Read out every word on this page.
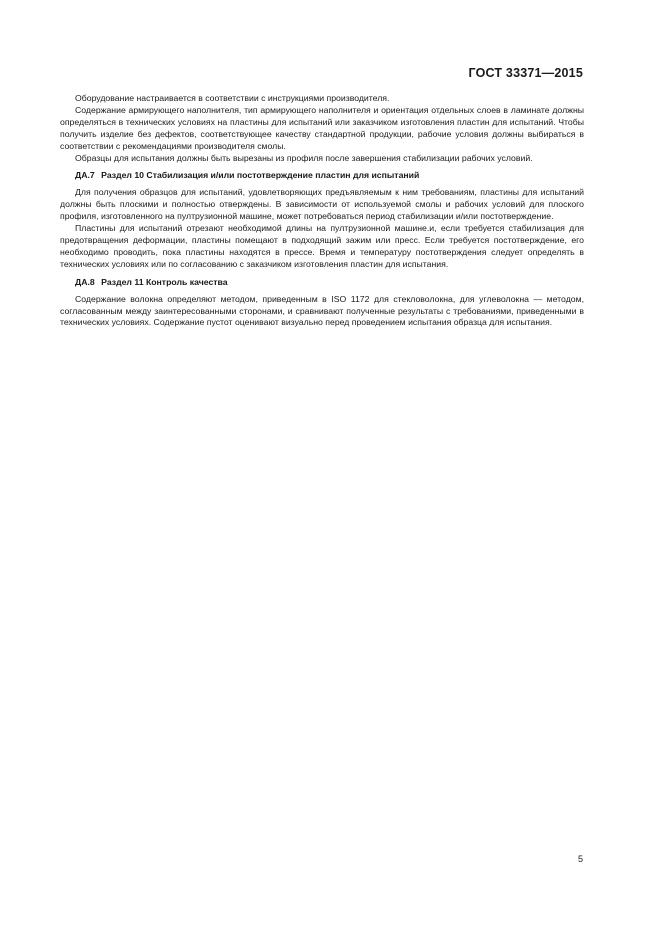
ГОСТ 33371—2015

Оборудование настраивается в соответствии с инструкциями производителя.

Содержание армирующего наполнителя, тип армирующего наполнителя и ориентация отдельных слоев в ламинате должны определяться в технических условиях на пластины для испытаний или заказчиком изготовления пластин для испытаний. Чтобы получить изделие без дефектов, соответствующее качеству стандартной продукции, рабочие условия должны выбираться в соответствии с рекомендациями производителя смолы.

Образцы для испытания должны быть вырезаны из профиля после завершения стабилизации рабочих условий.

ДА.7 Раздел 10 Стабилизация и/или постотверждение пластин для испытаний

Для получения образцов для испытаний, удовлетворяющих предъявляемым к ним требованиям, пластины для испытаний должны быть плоскими и полностью отверждены. В зависимости от используемой смолы и рабочих условий для плоского профиля, изготовленного на пултрузионной машине, может потребоваться период стабилизации и/или постотверждение.

Пластины для испытаний отрезают необходимой длины на пултрузионной машине.и, если требуется стабилизация для предотвращения деформации, пластины помещают в подходящий зажим или пресс. Если требуется постотверждение, его необходимо проводить, пока пластины находятся в прессе. Время и температуру постотверждения следует определять в технических условиях или по согласованию с заказчиком изготовления пластин для испытания.

ДА.8 Раздел 11 Контроль качества

Содержание волокна определяют методом, приведенным в ISO 1172 для стекловолокна, для углеволокна — методом, согласованным между заинтересованными сторонами, и сравнивают полученные результаты с требованиями, приведенными в технических условиях. Содержание пустот оценивают визуально перед проведением испытания образца для испытания.

5
